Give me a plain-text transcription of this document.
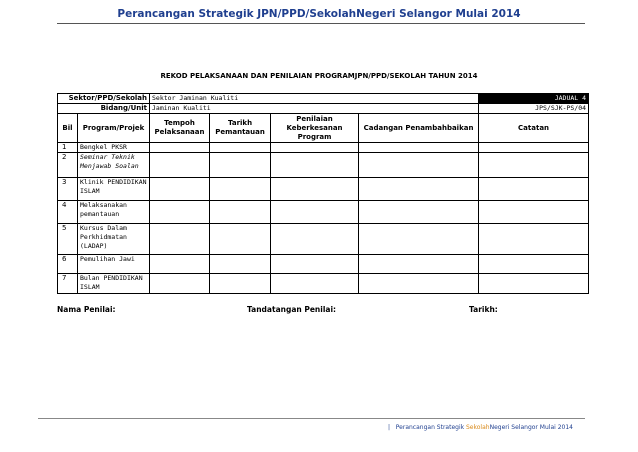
Perancangan Strategik JPN/PPD/SekolahNegeri Selangor Mulai 2014
REKOD PELAKSANAAN DAN PENILAIAN PROGRAMJPN/PPD/SEKOLAH TAHUN 2014
Sektor/PPD/Sekolah		Sektor Jaminan Kualiti				JADUAL 4
Bidang/Unit		Jaminan Kualiti				JPS/SJK-PS/04
Bil	Program/Projek	Tempoh Pelaksanaan	Tarikh Pemantauan	Penilaian Keberkesanan Program	Cadangan Penambahbaikan	Catatan
1	Bengkel PKSR					
2	Seminar Teknik Menjawab Soalan					
3	Klinik PENDIDIKAN ISLAM					
4	Melaksanakan pemantauan					
5	Kursus Dalam Perkhidmatan (LADAP)					
6	Pemulihan Jawi					
7	Bulan PENDIDIKAN ISLAM					
Nama Penilai:	Tandatangan Penilai:	Tarikh:
| Perancangan Strategik SekolahNegeri Selangor Mulai 2014
